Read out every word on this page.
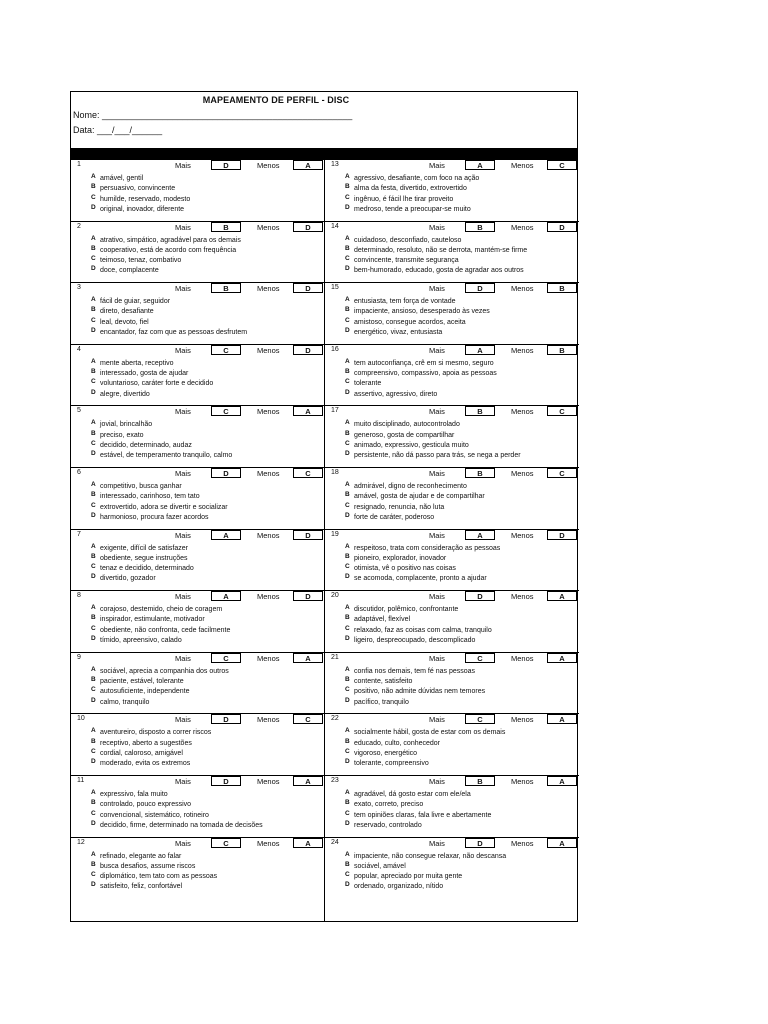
MAPEAMENTO DE PERFIL - DISC
Nome: __________________________________________________
Data: ___/___/______
1	Mais	D	Menos	A
A amável, gentil
B persuasivo, convincente
C humilde, reservado, modesto
D original, inovador, diferente
2	Mais	B	Menos	D
A atrativo, simpático, agradável para os demais
B cooperativo, está de acordo com frequência
C teimoso, tenaz, combativo
D doce, complacente
3	Mais	B	Menos	D
A fácil de guiar, seguidor
B direto, desafiante
C leal, devoto, fiel
D encantador, faz com que as pessoas desfrutem
4	Mais	C	Menos	D
A mente aberta, receptivo
B interessado, gosta de ajudar
C voluntarioso, caráter forte e decidido
D alegre, divertido
5	Mais	C	Menos	A
A jovial, brincalhão
B preciso, exato
C decidido, determinado, audaz
D estável, de temperamento tranquilo, calmo
6	Mais	D	Menos	C
A competitivo, busca ganhar
B interessado, carinhoso, tem tato
C extrovertido, adora se divertir e socializar
D harmonioso, procura fazer acordos
7	Mais	A	Menos	D
A exigente, difícil de satisfazer
B obediente, segue instruções
C tenaz e decidido, determinado
D divertido, gozador
8	Mais	A	Menos	D
A corajoso, destemido, cheio de coragem
B inspirador, estimulante, motivador
C obediente, não confronta, cede facilmente
D tímido, apreensivo, calado
9	Mais	C	Menos	A
A sociável, aprecia a companhia dos outros
B paciente, estável, tolerante
C autosuficiente, independente
D calmo, tranquilo
10	Mais	D	Menos	C
A aventureiro, disposto a correr riscos
B receptivo, aberto a sugestões
C cordial, caloroso, amigável
D moderado, evita os extremos
11	Mais	D	Menos	A
A expressivo, fala muito
B controlado, pouco expressivo
C convencional, sistemático, rotineiro
D decidido, firme, determinado na tomada de decisões
12	Mais	C	Menos	A
A refinado, elegante ao falar
B busca desafios, assume riscos
C diplomático, tem tato com as pessoas
D satisfeito, feliz, confortável
13	Mais	A	Menos	C
A agressivo, desafiante, com foco na ação
B alma da festa, divertido, extrovertido
C ingênuo, é fácil lhe tirar proveito
D medroso, tende a preocupar-se muito
14	Mais	B	Menos	D
A cuidadoso, desconfiado, cauteloso
B determinado, resoluto, não se derrota, mantém-se firme
C convincente, transmite segurança
D bem-humorado, educado, gosta de agradar aos outros
15	Mais	D	Menos	B
A entusiasta, tem força de vontade
B impaciente, ansioso, desesperado às vezes
C amistoso, consegue acordos, aceita
D energético, vivaz, entusiasta
16	Mais	A	Menos	B
A tem autoconfiança, crê em si mesmo, seguro
B compreensivo, compassivo, apoia as pessoas
C tolerante
D assertivo, agressivo, direto
17	Mais	B	Menos	C
A muito disciplinado, autocontrolado
B generoso, gosta de compartilhar
C animado, expressivo, gesticula muito
D persistente, não dá passo para trás, se nega a perder
18	Mais	B	Menos	C
A admirável, digno de reconhecimento
B amável, gosta de ajudar e de compartilhar
C resignado, renuncia, não luta
D forte de caráter, poderoso
19	Mais	A	Menos	D
A respeitoso, trata com consideração as pessoas
B pioneiro, explorador, inovador
C otimista, vê o positivo nas coisas
D se acomoda, complacente, pronto a ajudar
20	Mais	D	Menos	A
A discutidor, polêmico, confrontante
B adaptável, flexível
C relaxado, faz as coisas com calma, tranquilo
D ligeiro, despreocupado, descomplicado
21	Mais	C	Menos	A
A confia nos demais, tem fé nas pessoas
B contente, satisfeito
C positivo, não admite dúvidas nem temores
D pacífico, tranquilo
22	Mais	C	Menos	A
A socialmente hábil, gosta de estar com os demais
B educado, culto, conhecedor
C vigoroso, energético
D tolerante, compreensivo
23	Mais	B	Menos	A
A agradável, dá gosto estar com ele/ela
B exato, correto, preciso
C tem opiniões claras, fala livre e abertamente
D reservado, controlado
24	Mais	D	Menos	A
A impaciente, não consegue relaxar, não descansa
B sociável, amável
C popular, apreciado por muita gente
D ordenado, organizado, nítido
